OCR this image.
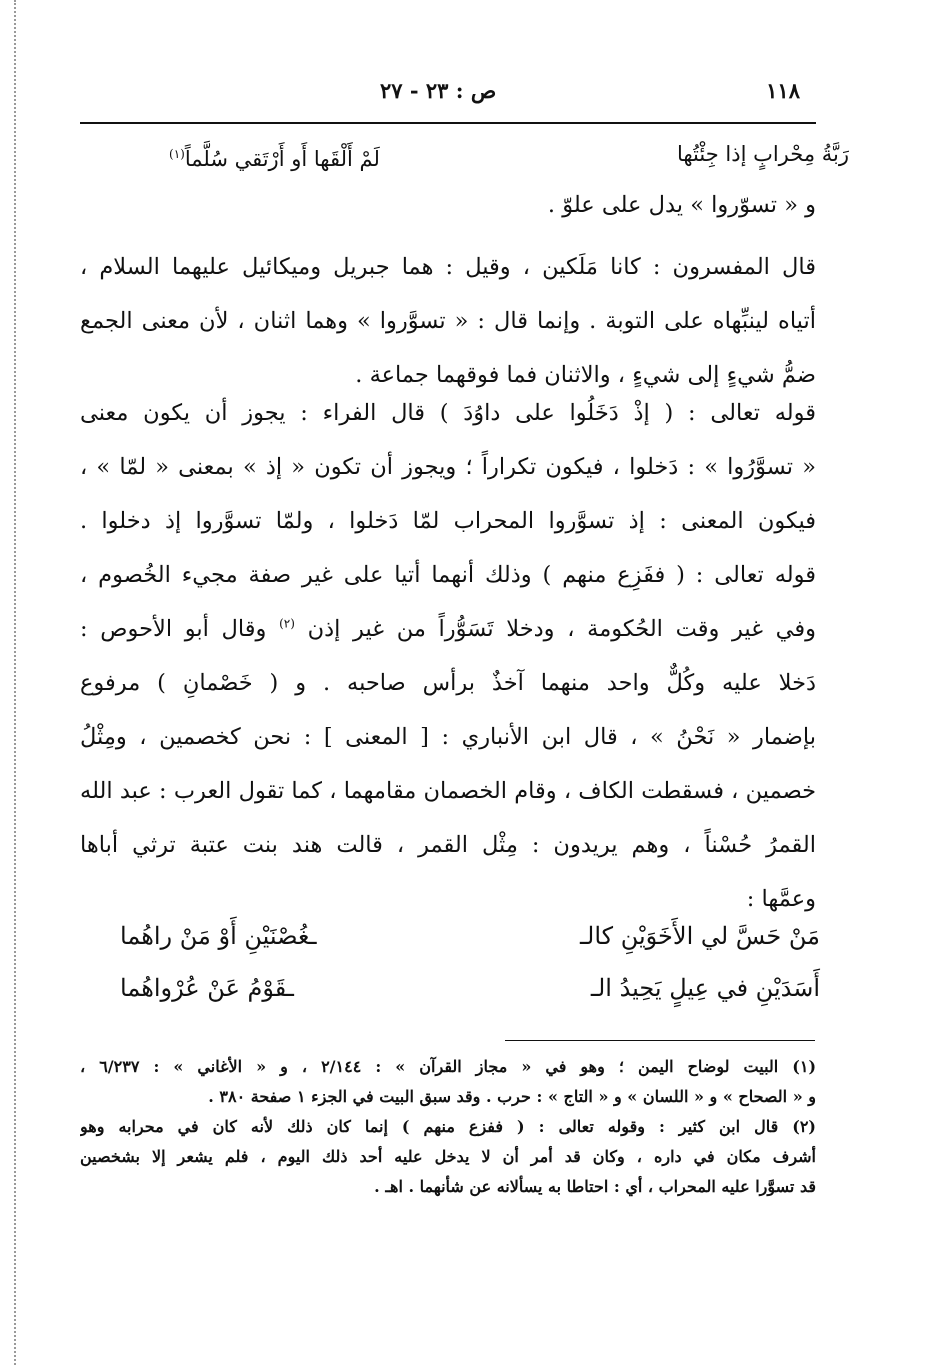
١١٨
ص : ٢٣ - ٢٧
رَبَّةُ مِحْرابٍ إذا جِئْتُها
لَمْ أَلْقَها أَو أَرْتَقي سُلَّماً$^{(١)}$
و « تسوّروا » يدل على علوّ .
قال المفسرون : كانا مَلَكين ، وقيل : هما جبريل وميكائيل عليهما السلام ،
أتياه لينبِّهاه على التوبة . وإنما قال : « تسوَّروا » وهما اثنان ، لأن معنى الجمع
ضمُّ شيءٍ إلى شيءٍ ، والاثنان فما فوقهما جماعة .
قوله تعالى : ( إذْ دَخَلُوا على داوُدَ ) قال الفراء : يجوز أن يكون معنى
« تسوَّرُوا » : دَخلوا ، فيكون تكراراً ؛ ويجوز أن تكون « إذ » بمعنى « لمّا » ،
فيكون المعنى : إذ تسوَّروا المحراب لمّا دَخلوا ، ولمّا تسوَّروا إذ دخلوا .
قوله تعالى : ( ففَزِع منهم ) وذلك أنهما أتيا على غير صفة مجيء الخُصوم ،
وفي غير وقت الحُكومة ، ودخلا تَسَوُّراً من غير إذن $^{(٢)}$ وقال أبو الأحوص :
دَخلا عليه وكُلٌّ واحد منهما آخذٌ برأس صاحبه . و ( خَصْمانِ ) مرفوع
بإضمار « نَحْنُ » ، قال ابن الأنباري : [ المعنى ] : نحن كخصمين ، ومِثْلُ
خصمين ، فسقطت الكاف ، وقام الخصمان مقامهما ، كما تقول العرب : عبد الله
القمرُ حُسْناً ، وهم يريدون : مِثْل القمر ، قالت هند بنت عتبة ترثي أباها
وعمَّها :
مَنْ حَسَّ لي الأَخَوَيْنِ كالـ
ـغُصْنَيْنِ أَوْ مَنْ راهُما
أَسَدَيْنِ في عِيلٍ يَحِيدُ الـ
ـقَوْمُ عَنْ عُرْواهُما
(١) البيت لوضاح اليمن ؛ وهو في « مجاز القرآن » : ٢/١٤٤ ، و « الأغاني » : ٦/٢٣٧ ،
و « الصحاح » و « اللسان » و « التاج » : حرب . وقد سبق البيت في الجزء ١ صفحة ٣٨٠ .
(٢) قال ابن كثير : وقوله تعالى : ( ففزع منهم ) إنما كان ذلك لأنه كان في محرابه وهو
أشرف مكان في داره ، وكان قد أمر أن لا يدخل عليه أحد ذلك اليوم ، فلم يشعر إلا بشخصين
قد تسوَّرا عليه المحراب ، أي : احتاطا به يسألانه عن شأنهما . اهـ .
